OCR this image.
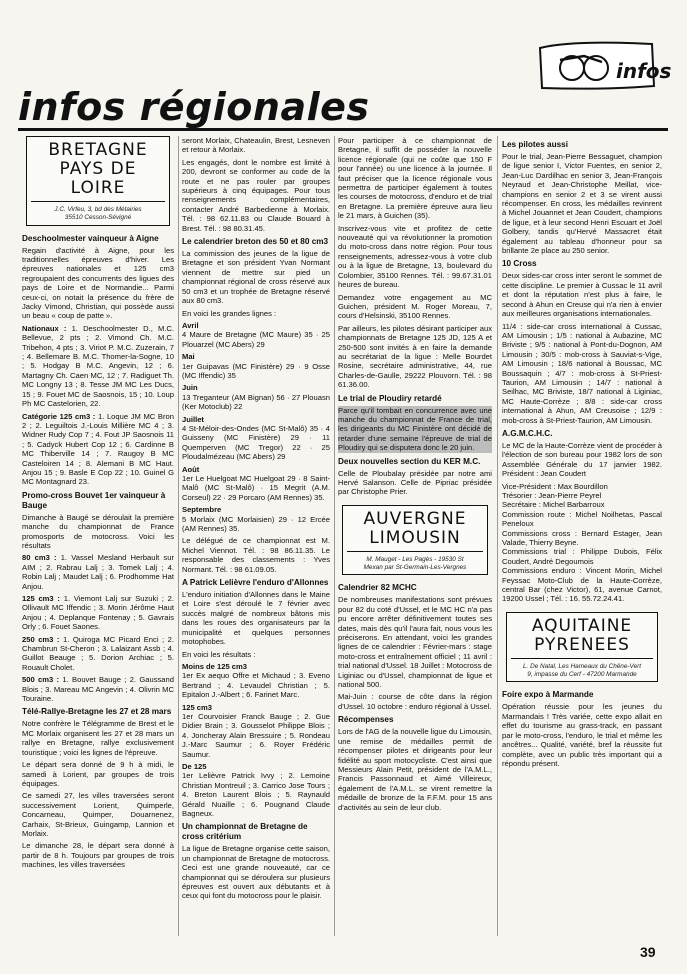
infos
infos régionales
BRETAGNE
PAYS DE LOIRE
J.C. Virfeu, 3, bd des Métairies
35510 Cesson-Sévigné
Deschoolmester vainqueur à Aigne

Regain d'activité à Aigne, pour les traditionnelles épreuves d'hiver. Les épreuves nationales et 125 cm3 regroupaient des concurrents des ligues des pays de Loire et de Normandie... Parmi ceux-ci, on notait la présence du frère de Jacky Vimond, Christian, qui possède aussi un beau « coup de patte ».

Nationaux : 1. Deschoolmester D., M.C. Bellevue, 2 pts ; 2. Vimond Ch. M.C. Tribehon, 4 pts ; 3. Viriot P. M.C. Zuzerain, 7 ; 4. Bellemare B. M.C. Thomer-la-Sogne, 10 ; 5. Hodgay B M.C. Angevin, 12 ; 6. Martagny Ch. Caen MC, 12 ; 7. Radiguet Th. MC Longny 13 ; 8. Tesse JM MC Les Ducs, 15 ; 9. Fouet MC de Saosnois, 15 ; 10. Loup Ph MC Castelorien, 22.

Catégorie 125 cm3 : 1. Loque JM MC Bron 2 ; 2. Leguiltois J.-Louis Millière MC 4 ; 3. Widner Rudy Cop 7 ; 4. Fout JP Saosnois 11 ; 5. Cadyck Hubert Cop 12 ; 6. Cardinne B MC Thiberville 14 ; 7. Raugoy B MC Casteloiren 14 ; 8. Alemani B MC Haut. Anjou 15 ; 9. Basle E Cop 22 ; 10. Guinel G MC Montagnard 23.

Promo-cross Bouvet 1er vainqueur à Bauge

Dimanche à Baugé se déroulait la première manche du championnat de France promosports de motocross. Voici les résultats

80 cm3 : 1. Vassel Mesland Herbault sur AIM ; 2. Rabrau Lalj ; 3. Tomek Lalj ; 4. Robin Lalj ; Maudet Lalj ; 6. Prodhomme Hat Anjou.

125 cm3 : 1. Viemont Lalj sur Suzuki ; 2. Ollivault MC Iffendic ; 3. Morin Jérôme Haut Anjou ; 4. Deplanque Fontenay ; 5. Gavrais Orly ; 6. Fouet Saones.

250 cm3 : 1. Quiroga MC Picard Enci ; 2. Chambrun St-Cheron ; 3. Lalaizant Assb ; 4. Guillot Beauge ; 5. Dorion Archiac ; 5. Rouault Cholet.

500 cm3 : 1. Bouvet Bauge ; 2. Gaussand Blois ; 3. Mareau MC Angevin ; 4. Olivrin MC Touraine.

Télé-Rallye-Bretagne les 27 et 28 mars

Notre confrère le Télégramme de Brest et le MC Morlaix organisent les 27 et 28 mars un rallye en Bretagne, rallye exclusivement touristique ; voici les lignes de l'épreuve.

Le départ sera donné de 9 h à midi, le samedi à Lorient, par groupes de trois équipages.

Ce samedi 27, les villes traversées seront successivement Lorient, Quimperle, Concarneau, Quimper, Douarnenez, Carhaix, St-Brieux, Guingamp, Lannion et Morlaix.

Le dimanche 28, le départ sera donné à partir de 8 h. Toujours par groupes de trois machines, les villes traversées

seront Morlaix, Chateaulin, Brest, Lesneven et retour à Morlaix.

Les engagés, dont le nombre est limité à 200, devront se conformer au code de la route et ne pas rouler par groupes supérieurs à cinq équipages. Pour tous renseignements complémentaires, contacter André Barbedienne à Morlaix. Tél. : 98 62.11.83 ou Claude Bouard à Brest. Tél. : 98 80.31.45.

Le calendrier breton des 50 et 80 cm3

La commission des jeunes de la ligue de Bretagne et son président Yvan Normant viennent de mettre sur pied un championnat régional de cross réservé aux 50 cm3 et un trophée de Bretagne réservé aux 80 cm3.

En voici les grandes lignes :

Avril

4 Maure de Bretagne (MC Maure) 35 · 25 Plouarzel (MC Abers) 29

Mai

1er Guipavas (MC Finistère) 29 · 9 Osse (MC Iffendic) 35

Juin

13 Treganteur (AM Bignan) 56 · 27 Plouasn (Ker Motoclub) 22

Juillet

4 St-Méloir-des-Ondes (MC St-Malô) 35 · 4 Guisseny (MC Finistère) 29 · 11 Quemperven (MC Tregor) 22 · 25 Ploudalmézeau (MC Abers) 29

Août

1er Le Huelgoat MC Huelgoat 29 · 8 Saint-Malô (MC St-Malô) · 15 Megrit (A.M. Corseul) 22 · 29 Porcaro (AM Rennes) 35.

Septembre

5 Morlaix (MC Morlaisien) 29 · 12 Ercée (AM Rennes) 35.

Le délégué de ce championnat est M. Michel Viennot. Tél. : 98 86.11.35. Le responsable des classements : Yves Normant. Tél. : 98 61.09.05.

A Patrick Lelièvre l'enduro d'Allonnes

L'enduro initiation d'Allonnes dans le Maine et Loire s'est déroulé le 7 février avec succès malgré de nombreux bâtons mis dans les roues des organisateurs par la municipalité et quelques personnes motophobes.

En voici les résultats :

Moins de 125 cm3

1er Ex aequo Offre et Michaud ; 3. Eveno Bertrand ; 4. Levaudel Christian ; 5. Epitalon J.-Albert ; 6. Farinet Marc.

125 cm3

1er Courvoisier Franck Bauge ; 2. Gue Didier Brain ; 3. Gousselot Philippe Blois ; 4. Joncheray Alain Bressuire ; 5. Rondeau J.-Marc Saumur ; 6. Royer Frédéric Saumur.

De 125

1er Lelièvre Patrick Ivvy ; 2. Lemoine Christian Montreuil ; 3. Carrico Jose Tours ; 4. Breton Laurent Blois ; 5. Raynauld Gérald Nuaille ; 6. Pougnand Claude Bagneux.

Un championnat de Bretagne de cross critérium

La ligue de Bretagne organise cette saison, un championnat de Bretagne de motocross. Ceci est une grande nouveauté, car ce championnat qui se déroulera sur plusieurs épreuves est ouvert aux débutants et à ceux qui font du motocross pour le plaisir.

Pour participer à ce championnat de Bretagne, il suffit de posséder la nouvelle licence régionale (qui ne coûte que 150 F pour l'année) ou une licence à la journée. Il faut préciser que la licence régionale vous permettra de participer également à toutes les courses de motocross, d'enduro et de trial en Bretagne. La première épreuve aura lieu le 21 mars, à Guichen (35).

Inscrivez-vous vite et profitez de cette nouveauté qui va révolutionner la promotion du moto-cross dans notre région. Pour tous renseignements, adressez-vous à votre club ou à la ligue de Bretagne, 13, boulevard du Colombier, 35100 Rennes. Tél. : 99.67.31.01 heures de bureau.

Demandez votre engagement au MC Guichen, président M. Roger Moreau, 7, cours d'Helsinski, 35100 Rennes.

Par ailleurs, les pilotes désirant participer aux championnats de Bretagne 125 JD, 125 A et 250-500 sont invités à en faire la demande au secrétariat de la ligue : Melle Bourdet Rosine, secrétaire administrative, 44, rue Charles-de-Gaulle, 29222 Plouvorn. Tél. : 98 61.36.00.

Le trial de Ploudiry retardé

Parce qu'il tombait en concurrence avec une manche du championnat de France de trial, les dirigeants du MC Finistère ont décidé de retarder d'une semaine l'épreuve de trial de Ploudiry qui se disputera donc le 20 juin.

Deux nouvelles section du KER M.C.

Celle de Ploubalay présidée par notre ami Hervé Salanson. Celle de Pipriac présidée par Christophe Prier.

AUVERGNE
LIMOUSIN
M. Mauget - Les Pagès - 19530 St
Mexan par St-Germain-Les-Vergnes
Calendrier 82 MCHC

De nombreuses manifestations sont prévues pour 82 du coté d'Ussel, et le MC HC n'a pas pu encore arrêter définitivement toutes ses dates, mais dès qu'il l'aura fait, nous vous les préciserons. En attendant, voici les grandes lignes de ce calendrier : Février-mars : stage moto-cross et entraînement officiel ; 11 avril : trial national d'Ussel. 18 Juillet : Motocross de Liginiac ou d'Ussel, championnat de ligue et national 500.

Mai-Juin : course de côte dans la région d'Ussel. 10 octobre : enduro régional à Ussel.

Récompenses

Lors de l'AG de la nouvelle ligue du Limousin, une remise de médailles permit de récompenser pilotes et dirigeants pour leur fidélité au sport motocycliste. C'est ainsi que Messieurs Alain Petit, président de l'A.M.L., Francis Passonnaud et Aimé Villeireux, également de l'A.M.L. se virent remettre la médaille de bronze de la F.F.M. pour 15 ans d'activités au sein de leur club.

Les pilotes aussi

Pour le trial, Jean-Pierre Bessaguet, champion de ligue senior I, Victor Fuentes, en senior 2, Jean-Luc Dardilhac en senior 3, Jean-François Neyraud et Jean-Christophe Meillat, vice-champions en senior 2 et 3 se virent aussi récompenser. En cross, les médailles revinrent à Michel Jouannet et Jean Coudert, champions de ligue, et à leur second Henri Escuart et Joël Golbery, tandis qu'Hervé Massacret était également au tableau d'honneur pour sa brillante 2e place au 250 senior.

10 Cross

Deux sides-car cross inter seront le sommet de cette discipline. Le premier à Cussac le 11 avril et dont la réputation n'est plus à faire, le second à Ahun en Creuse qui n'a rien à envier aux meilleures organisations internationales.

11/4 : side-car cross international à Cussac, AM Limousin ; 1/5 : national à Aubazine, MC Briviste ; 9/5 : national à Pont-du-Dognon, AM Limousin ; 30/5 : mob-cross à Sauviat-s-Vige, AM Limousin ; 18/6 national à Boussac, MC Boussaquin ; 4/7 : mob-cross à St-Priest-Taurion, AM Limousin ; 14/7 : national à Seilhac, MC Briviste, 18/7 national à Liginiac, MC Haute-Corrèze ; 8/8 : side-car cross international à Ahun, AM Creusoise ; 12/9 : mob-cross à St-Priest-Taurion, AM Limousin.

A.G.M.C.H.C.

Le MC de la Haute-Corrèze vient de procéder à l'élection de son bureau pour 1982 lors de son Assemblée Générale du 17 janvier 1982. Président : Jean Coudert

Vice-Président : Max Bourdillon

Trésorier : Jean-Pierre Peyrel

Secrétaire : Michel Barbarroux

Commission route : Michel Noilhetas, Pascal Peneloux

Commissions cross : Bernard Estager, Jean Valade, Thierry Beyne.

Commissions trial : Philippe Dubois, Félix Coudert, André Degoumois

Commissions enduro : Vincent Morin, Michel Feyssac Moto-Club de la Haute-Corrèze, central Bar (chez Victor), 61, avenue Carnot, 19200 Ussel ; Tél. : 16. 55.72.24.41.

AQUITAINE
PYRENEES
L. De Natal, Les Hameaux du Chêne-Vert
9, impasse du Cerf - 47200 Marmande
Foire expo à Marmande

Opération réussie pour les jeunes du Marmandais ! Très variée, cette expo allait en effet du tourisme au grass-track, en passant par le moto-cross, l'enduro, le trial et même les ancêtres... Qualité, variété, bref la réussite fut complète, avec un public très important qui a répondu présent.

39
